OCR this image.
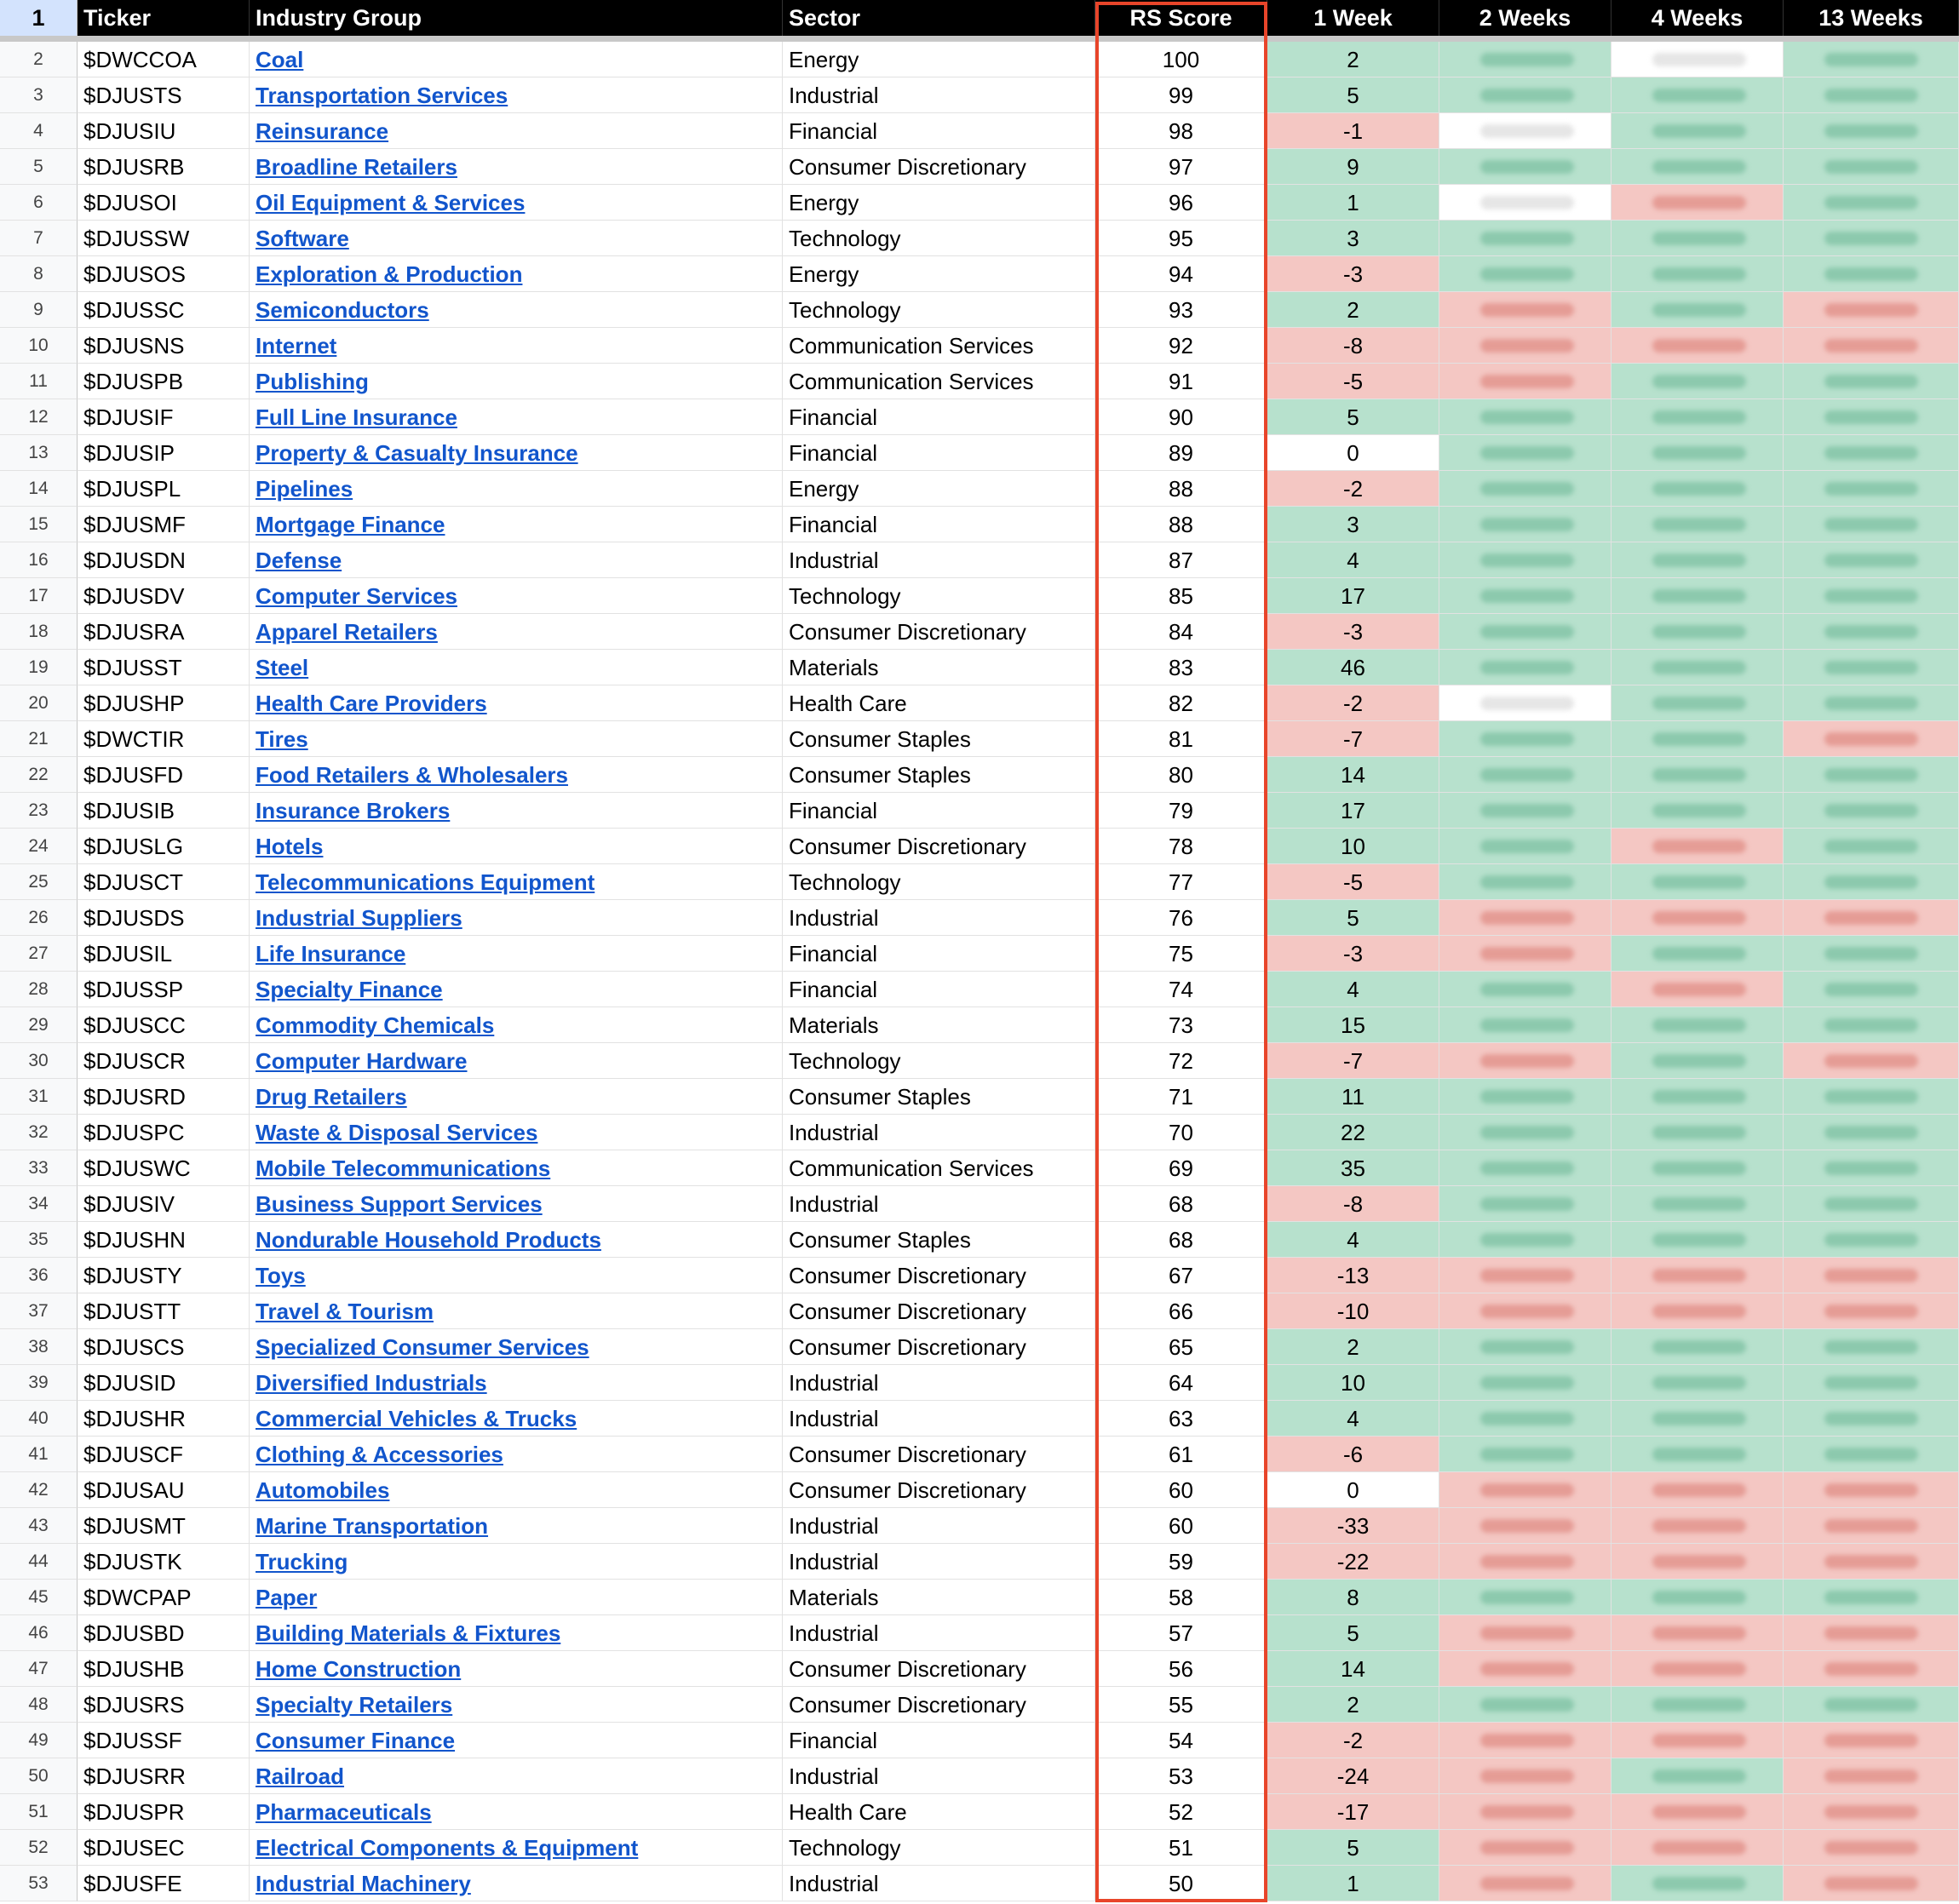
1	Ticker	Industry Group	Sector	RS Score	1 Week	2 Weeks	4 Weeks	13 Weeks
2	$DWCCOA	Coal	Energy	100	2
3	$DJUSTS	Transportation Services	Industrial	99	5
4	$DJUSIU	Reinsurance	Financial	98	-1
5	$DJUSRB	Broadline Retailers	Consumer Discretionary	97	9
6	$DJUSOI	Oil Equipment & Services	Energy	96	1
7	$DJUSSW	Software	Technology	95	3
8	$DJUSOS	Exploration & Production	Energy	94	-3
9	$DJUSSC	Semiconductors	Technology	93	2
10	$DJUSNS	Internet	Communication Services	92	-8
11	$DJUSPB	Publishing	Communication Services	91	-5
12	$DJUSIF	Full Line Insurance	Financial	90	5
13	$DJUSIP	Property & Casualty Insurance	Financial	89	0
14	$DJUSPL	Pipelines	Energy	88	-2
15	$DJUSMF	Mortgage Finance	Financial	88	3
16	$DJUSDN	Defense	Industrial	87	4
17	$DJUSDV	Computer Services	Technology	85	17
18	$DJUSRA	Apparel Retailers	Consumer Discretionary	84	-3
19	$DJUSST	Steel	Materials	83	46
20	$DJUSHP	Health Care Providers	Health Care	82	-2
21	$DWCTIR	Tires	Consumer Staples	81	-7
22	$DJUSFD	Food Retailers & Wholesalers	Consumer Staples	80	14
23	$DJUSIB	Insurance Brokers	Financial	79	17
24	$DJUSLG	Hotels	Consumer Discretionary	78	10
25	$DJUSCT	Telecommunications Equipment	Technology	77	-5
26	$DJUSDS	Industrial Suppliers	Industrial	76	5
27	$DJUSIL	Life Insurance	Financial	75	-3
28	$DJUSSP	Specialty Finance	Financial	74	4
29	$DJUSCC	Commodity Chemicals	Materials	73	15
30	$DJUSCR	Computer Hardware	Technology	72	-7
31	$DJUSRD	Drug Retailers	Consumer Staples	71	11
32	$DJUSPC	Waste & Disposal Services	Industrial	70	22
33	$DJUSWC	Mobile Telecommunications	Communication Services	69	35
34	$DJUSIV	Business Support Services	Industrial	68	-8
35	$DJUSHN	Nondurable Household Products	Consumer Staples	68	4
36	$DJUSTY	Toys	Consumer Discretionary	67	-13
37	$DJUSTT	Travel & Tourism	Consumer Discretionary	66	-10
38	$DJUSCS	Specialized Consumer Services	Consumer Discretionary	65	2
39	$DJUSID	Diversified Industrials	Industrial	64	10
40	$DJUSHR	Commercial Vehicles & Trucks	Industrial	63	4
41	$DJUSCF	Clothing & Accessories	Consumer Discretionary	61	-6
42	$DJUSAU	Automobiles	Consumer Discretionary	60	0
43	$DJUSMT	Marine Transportation	Industrial	60	-33
44	$DJUSTK	Trucking	Industrial	59	-22
45	$DWCPAP	Paper	Materials	58	8
46	$DJUSBD	Building Materials & Fixtures	Industrial	57	5
47	$DJUSHB	Home Construction	Consumer Discretionary	56	14
48	$DJUSRS	Specialty Retailers	Consumer Discretionary	55	2
49	$DJUSSF	Consumer Finance	Financial	54	-2
50	$DJUSRR	Railroad	Industrial	53	-24
51	$DJUSPR	Pharmaceuticals	Health Care	52	-17
52	$DJUSEC	Electrical Components & Equipment	Technology	51	5
53	$DJUSFE	Industrial Machinery	Industrial	50	1
